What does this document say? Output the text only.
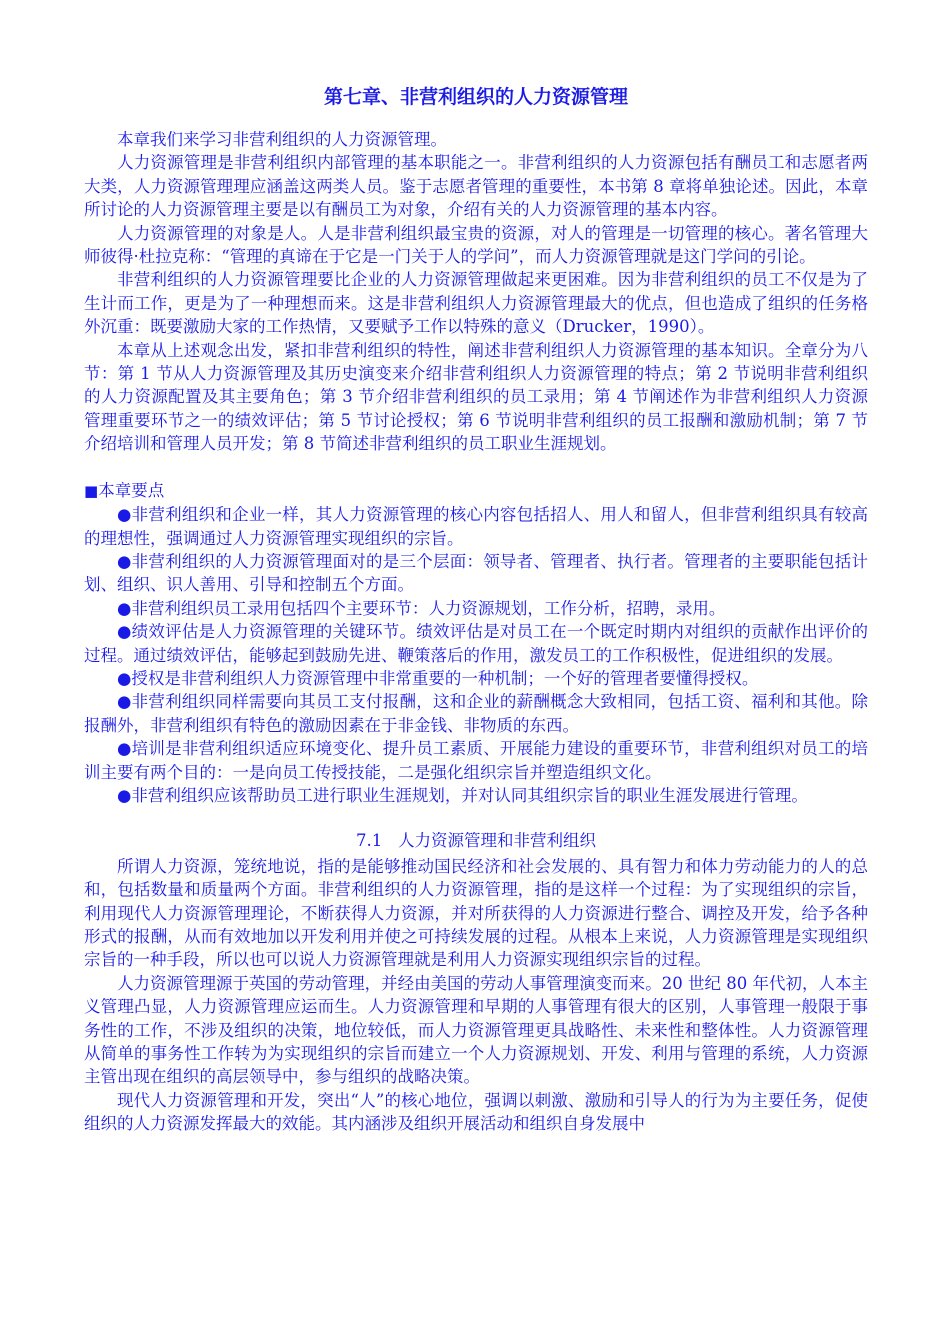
第七章、非营利组织的人力资源管理

本章我们来学习非营利组织的人力资源管理。

人力资源管理是非营利组织内部管理的基本职能之一。非营利组织的人力资源包括有酬员工和志愿者两大类，人力资源管理理应涵盖这两类人员。鉴于志愿者管理的重要性，本书第 8 章将单独论述。因此，本章所讨论的人力资源管理主要是以有酬员工为对象，介绍有关的人力资源管理的基本内容。

人力资源管理的对象是人。人是非营利组织最宝贵的资源，对人的管理是一切管理的核心。著名管理大师彼得·杜拉克称：“管理的真谛在于它是一门关于人的学问”，而人力资源管理就是这门学问的引论。

非营利组织的人力资源管理要比企业的人力资源管理做起来更困难。因为非营利组织的员工不仅是为了生计而工作，更是为了一种理想而来。这是非营利组织人力资源管理最大的优点，但也造成了组织的任务格外沉重：既要激励大家的工作热情，又要赋予工作以特殊的意义（Drucker，1990）。

本章从上述观念出发，紧扣非营利组织的特性，阐述非营利组织人力资源管理的基本知识。全章分为八节：第 1 节从人力资源管理及其历史演变来介绍非营利组织人力资源管理的特点；第 2 节说明非营利组织的人力资源配置及其主要角色；第 3 节介绍非营利组织的员工录用；第 4 节阐述作为非营利组织人力资源管理重要环节之一的绩效评估；第 5 节讨论授权；第 6 节说明非营利组织的员工报酬和激励机制；第 7 节介绍培训和管理人员开发；第 8 节简述非营利组织的员工职业生涯规划。

■本章要点

●非营利组织和企业一样，其人力资源管理的核心内容包括招人、用人和留人，但非营利组织具有较高的理想性，强调通过人力资源管理实现组织的宗旨。

●非营利组织的人力资源管理面对的是三个层面：领导者、管理者、执行者。管理者的主要职能包括计划、组织、识人善用、引导和控制五个方面。

●非营利组织员工录用包括四个主要环节：人力资源规划，工作分析，招聘，录用。

●绩效评估是人力资源管理的关键环节。绩效评估是对员工在一个既定时期内对组织的贡献作出评价的过程。通过绩效评估，能够起到鼓励先进、鞭策落后的作用，激发员工的工作积极性，促进组织的发展。

●授权是非营利组织人力资源管理中非常重要的一种机制；一个好的管理者要懂得授权。

●非营利组织同样需要向其员工支付报酬，这和企业的薪酬概念大致相同，包括工资、福利和其他。除报酬外，非营利组织有特色的激励因素在于非金钱、非物质的东西。

●培训是非营利组织适应环境变化、提升员工素质、开展能力建设的重要环节，非营利组织对员工的培训主要有两个目的：一是向员工传授技能，二是强化组织宗旨并塑造组织文化。

●非营利组织应该帮助员工进行职业生涯规划，并对认同其组织宗旨的职业生涯发展进行管理。

7.1 人力资源管理和非营利组织

所谓人力资源，笼统地说，指的是能够推动国民经济和社会发展的、具有智力和体力劳动能力的人的总和，包括数量和质量两个方面。非营利组织的人力资源管理，指的是这样一个过程：为了实现组织的宗旨，利用现代人力资源管理理论，不断获得人力资源，并对所获得的人力资源进行整合、调控及开发，给予各种形式的报酬，从而有效地加以开发利用并使之可持续发展的过程。从根本上来说，人力资源管理是实现组织宗旨的一种手段，所以也可以说人力资源管理就是利用人力资源实现组织宗旨的过程。

人力资源管理源于英国的劳动管理，并经由美国的劳动人事管理演变而来。20 世纪 80 年代初，人本主义管理凸显，人力资源管理应运而生。人力资源管理和早期的人事管理有很大的区别，人事管理一般限于事务性的工作，不涉及组织的决策，地位较低，而人力资源管理更具战略性、未来性和整体性。人力资源管理从简单的事务性工作转为为实现组织的宗旨而建立一个人力资源规划、开发、利用与管理的系统，人力资源主管出现在组织的高层领导中，参与组织的战略决策。

现代人力资源管理和开发，突出“人”的核心地位，强调以刺激、激励和引导人的行为为主要任务，促使组织的人力资源发挥最大的效能。其内涵涉及组织开展活动和组织自身发展中
